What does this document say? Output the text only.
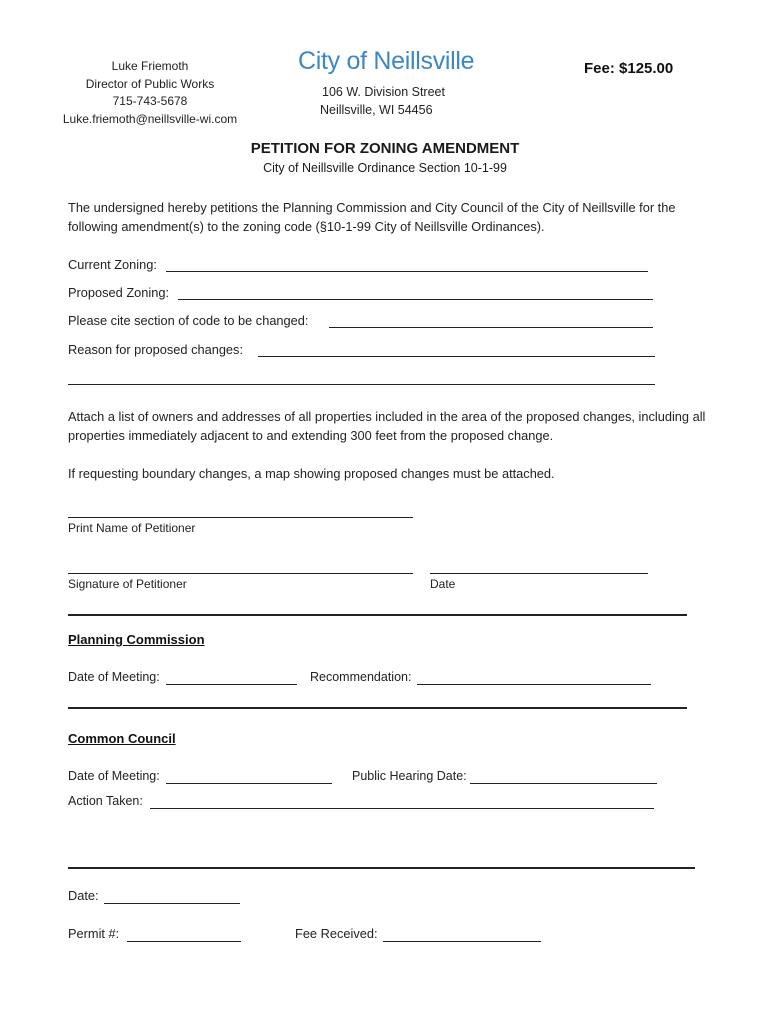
Luke Friemoth
Director of Public Works
715-743-5678
Luke.friemoth@neillsville-wi.com
City of Neillsville
106 W. Division Street
Neillsville, WI 54456
Fee: $125.00
PETITION FOR ZONING AMENDMENT
City of Neillsville Ordinance Section 10-1-99
The undersigned hereby petitions the Planning Commission and City Council of the City of Neillsville for the following amendment(s) to the zoning code (§10-1-99 City of Neillsville Ordinances).
Current Zoning:
Proposed Zoning:
Please cite section of code to be changed:
Reason for proposed changes:
Attach a list of owners and addresses of all properties included in the area of the proposed changes, including all properties immediately adjacent to and extending 300 feet from the proposed change.
If requesting boundary changes, a map showing proposed changes must be attached.
Print Name of Petitioner
Signature of Petitioner	Date
Planning Commission
Date of Meeting:	Recommendation:
Common Council
Date of Meeting:	Public Hearing Date:
Action Taken:
Date:
Permit #:	Fee Received:
